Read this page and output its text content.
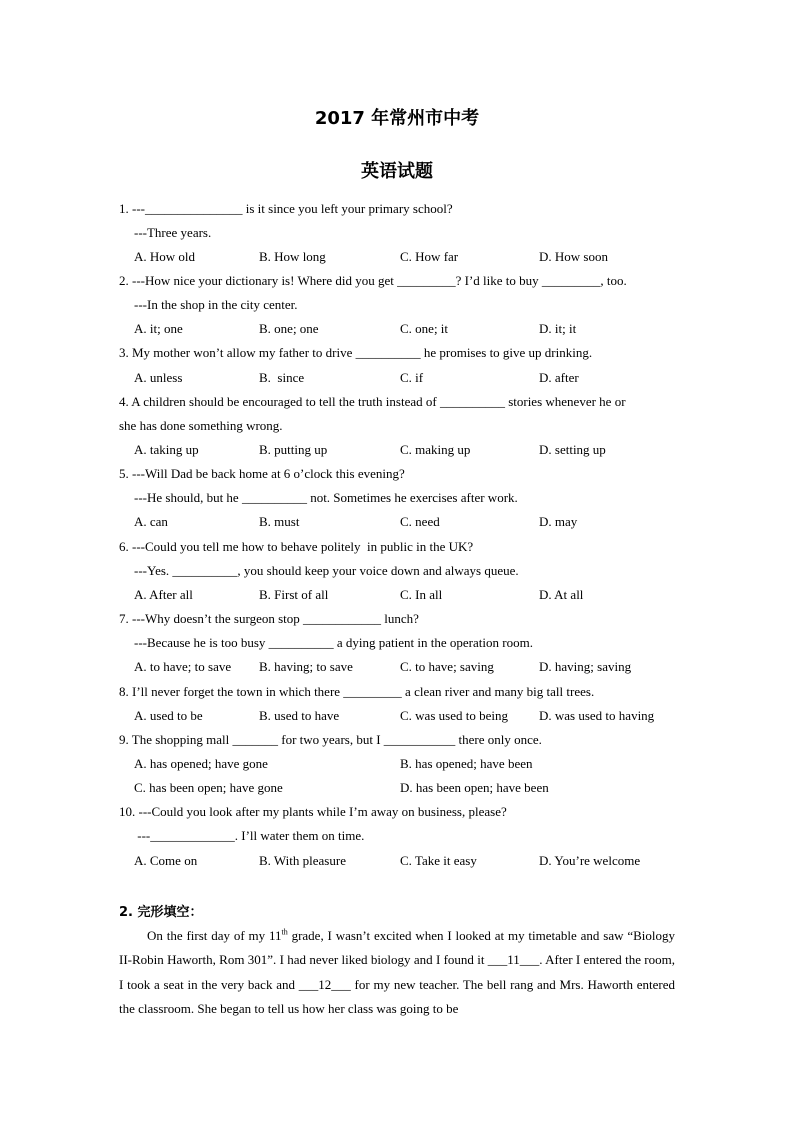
2017 年常州市中考
英语试题
1. ---_______________ is it since you left your primary school?
---Three years.
A. How old	B. How long	C. How far	D. How soon
2. ---How nice your dictionary is! Where did you get _________? I’d like to buy _________, too.
---In the shop in the city center.
A. it; one	B. one; one	C. one; it	D. it; it
3. My mother won’t allow my father to drive __________ he promises to give up drinking.
A. unless	B.  since	C. if	D. after
4. A children should be encouraged to tell the truth instead of __________ stories whenever he or
she has done something wrong.
A. taking up	B. putting up	C. making up	D. setting up
5. ---Will Dad be back home at 6 o’clock this evening?
---He should, but he __________ not. Sometimes he exercises after work.
A. can	B. must	C. need	D. may
6. ---Could you tell me how to behave politely  in public in the UK?
---Yes. __________, you should keep your voice down and always queue.
A. After all	B. First of all	C. In all	D. At all
7. ---Why doesn’t the surgeon stop ____________ lunch?
---Because he is too busy __________ a dying patient in the operation room.
A. to have; to save B. having; to save	C. to have; saving	D. having; saving
8. I’ll never forget the town in which there _________ a clean river and many big tall trees.
A. used to be	B. used to have	C. was used to being D. was used to having
9. The shopping mall _______ for two years, but I ___________ there only once.
A. has opened; have gone	B. has opened; have been
C. has been open; have gone	D. has been open; have been
10. ---Could you look after my plants while I’m away on business, please?
---_____________. I’ll water them on time.
A. Come on	B. With pleasure	C. Take it easy	D. You’re welcome
2. 完形填空：
On the first day of my 11th grade, I wasn’t excited when I looked at my timetable and saw “Biology II-Robin Haworth, Rom 301”. I had never liked biology and I found it ___11___. After I entered the room, I took a seat in the very back and ___12___ for my new teacher. The bell rang and Mrs. Haworth entered the classroom. She began to tell us how her class was going to be
